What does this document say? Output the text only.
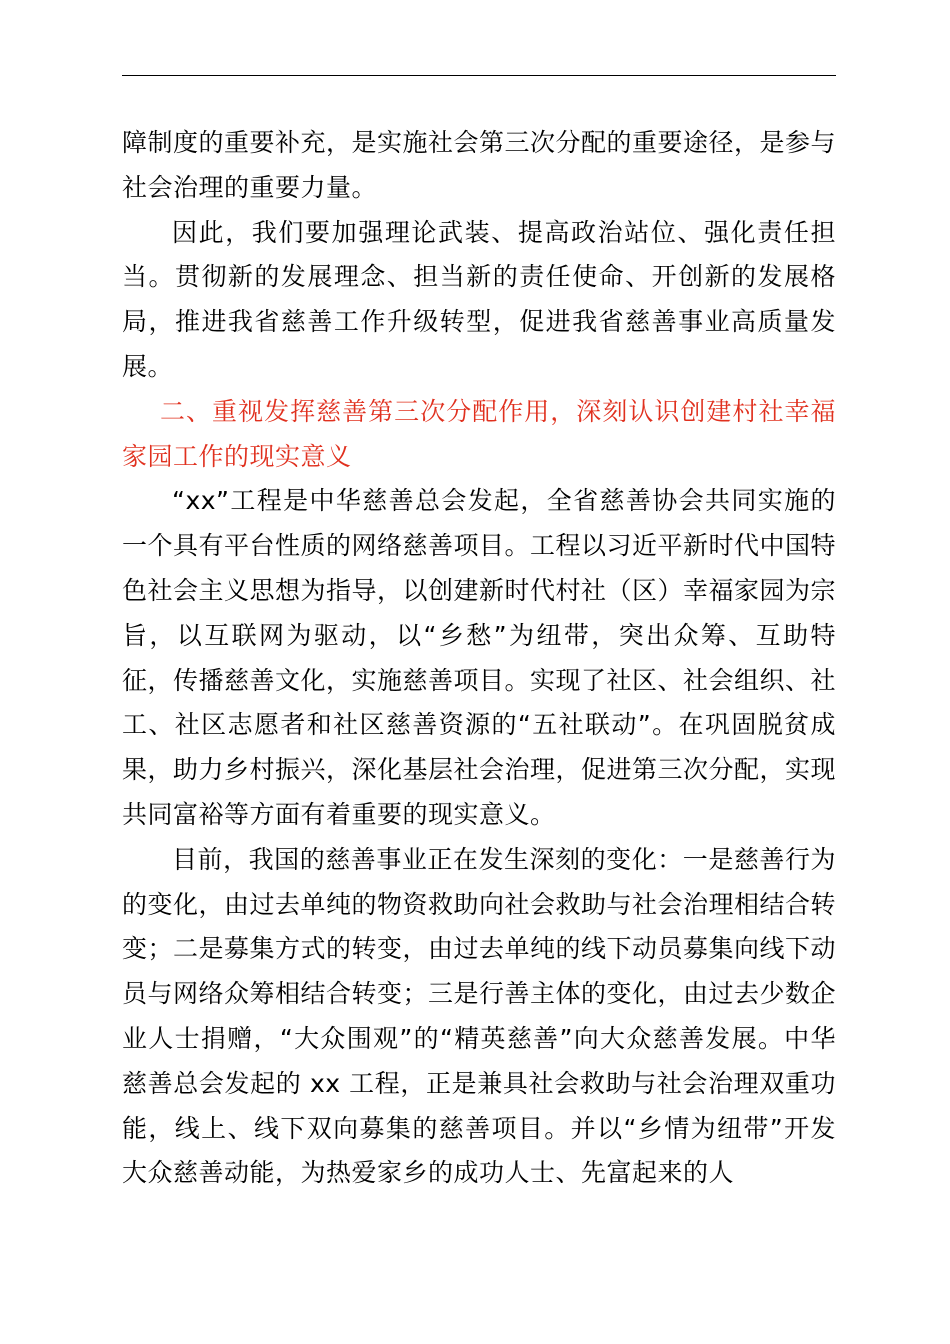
障制度的重要补充，是实施社会第三次分配的重要途径，是参与社会治理的重要力量。

因此，我们要加强理论武装、提高政治站位、强化责任担当。贯彻新的发展理念、担当新的责任使命、开创新的发展格局，推进我省慈善工作升级转型，促进我省慈善事业高质量发展。

二、重视发挥慈善第三次分配作用，深刻认识创建村社幸福家园工作的现实意义

“xx”工程是中华慈善总会发起，全省慈善协会共同实施的一个具有平台性质的网络慈善项目。工程以习近平新时代中国特色社会主义思想为指导，以创建新时代村社（区）幸福家园为宗旨，以互联网为驱动，以“乡愁”为纽带，突出众筹、互助特征，传播慈善文化，实施慈善项目。实现了社区、社会组织、社工、社区志愿者和社区慈善资源的“五社联动”。在巩固脱贫成果，助力乡村振兴，深化基层社会治理，促进第三次分配，实现共同富裕等方面有着重要的现实意义。

目前，我国的慈善事业正在发生深刻的变化：一是慈善行为的变化，由过去单纯的物资救助向社会救助与社会治理相结合转变；二是募集方式的转变，由过去单纯的线下动员募集向线下动员与网络众筹相结合转变；三是行善主体的变化，由过去少数企业人士捐赠，“大众围观”的“精英慈善”向大众慈善发展。中华慈善总会发起的 xx 工程，正是兼具社会救助与社会治理双重功能，线上、线下双向募集的慈善项目。并以“乡情为纽带”开发大众慈善动能，为热爱家乡的成功人士、先富起来的人
